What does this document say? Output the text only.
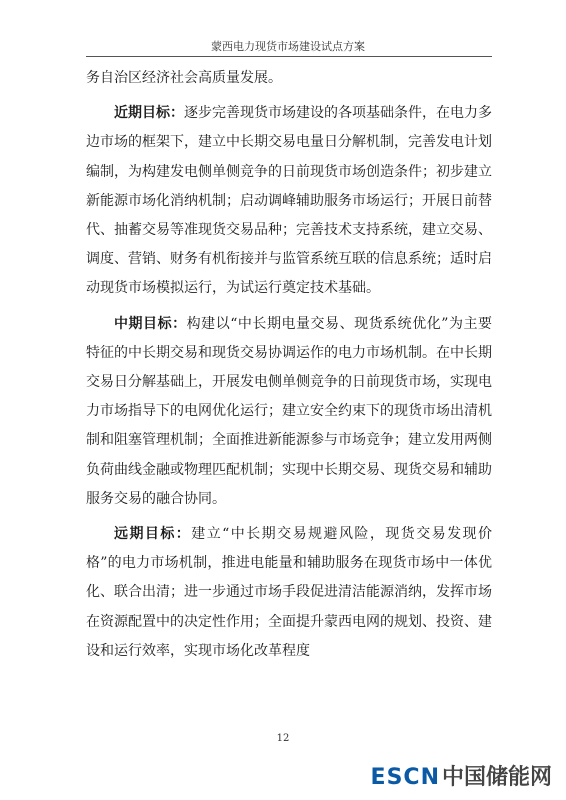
蒙西电力现货市场建设试点方案

务自治区经济社会高质量发展。

近期目标：逐步完善现货市场建设的各项基础条件，在电力多边市场的框架下，建立中长期交易电量日分解机制，完善发电计划编制，为构建发电侧单侧竞争的日前现货市场创造条件；初步建立新能源市场化消纳机制；启动调峰辅助服务市场运行；开展日前替代、抽蓄交易等准现货交易品种；完善技术支持系统，建立交易、调度、营销、财务有机衔接并与监管系统互联的信息系统；适时启动现货市场模拟运行，为试运行奠定技术基础。

中期目标：构建以“中长期电量交易、现货系统优化”为主要特征的中长期交易和现货交易协调运作的电力市场机制。在中长期交易日分解基础上，开展发电侧单侧竞争的日前现货市场，实现电力市场指导下的电网优化运行；建立安全约束下的现货市场出清机制和阻塞管理机制；全面推进新能源参与市场竞争；建立发用两侧负荷曲线金融或物理匹配机制；实现中长期交易、现货交易和辅助服务交易的融合协同。

远期目标：建立“中长期交易规避风险，现货交易发现价格”的电力市场机制，推进电能量和辅助服务在现货市场中一体优化、联合出清；进一步通过市场手段促进清洁能源消纳，发挥市场在资源配置中的决定性作用；全面提升蒙西电网的规划、投资、建设和运行效率，实现市场化改革程度

12
ESCN中国储能网
